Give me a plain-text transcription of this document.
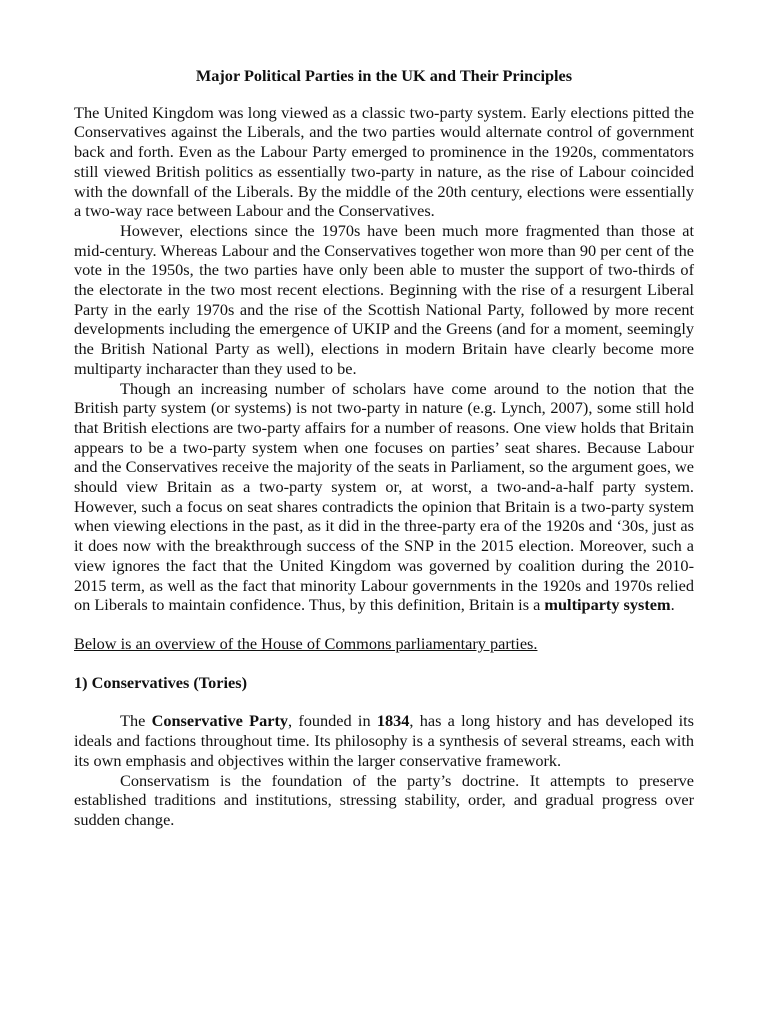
Major Political Parties in the UK and Their Principles

The United Kingdom was long viewed as a classic two-party system. Early elections pitted the Conservatives against the Liberals, and the two parties would alternate control of government back and forth. Even as the Labour Party emerged to prominence in the 1920s, commentators still viewed British politics as essentially two-party in nature, as the rise of Labour coincided with the downfall of the Liberals. By the middle of the 20th century, elections were essentially a two-way race between Labour and the Conservatives.

However, elections since the 1970s have been much more fragmented than those at mid-century. Whereas Labour and the Conservatives together won more than 90 per cent of the vote in the 1950s, the two parties have only been able to muster the support of two-thirds of the electorate in the two most recent elections. Beginning with the rise of a resurgent Liberal Party in the early 1970s and the rise of the Scottish National Party, followed by more recent developments including the emergence of UKIP and the Greens (and for a moment, seemingly the British National Party as well), elections in modern Britain have clearly become more multiparty incharacter than they used to be.

Though an increasing number of scholars have come around to the notion that the British party system (or systems) is not two-party in nature (e.g. Lynch, 2007), some still hold that British elections are two-party affairs for a number of reasons. One view holds that Britain appears to be a two-party system when one focuses on parties’ seat shares. Because Labour and the Conservatives receive the majority of the seats in Parliament, so the argument goes, we should view Britain as a two-party system or, at worst, a two-and-a-half party system. However, such a focus on seat shares contradicts the opinion that Britain is a two-party system when viewing elections in the past, as it did in the three-party era of the 1920s and ‘30s, just as it does now with the breakthrough success of the SNP in the 2015 election. Moreover, such a view ignores the fact that the United Kingdom was governed by coalition during the 2010-2015 term, as well as the fact that minority Labour governments in the 1920s and 1970s relied on Liberals to maintain confidence. Thus, by this definition, Britain is a multiparty system.

Below is an overview of the House of Commons parliamentary parties.

1) Conservatives (Tories)

The Conservative Party, founded in 1834, has a long history and has developed its ideals and factions throughout time. Its philosophy is a synthesis of several streams, each with its own emphasis and objectives within the larger conservative framework.

Conservatism is the foundation of the party’s doctrine. It attempts to preserve established traditions and institutions, stressing stability, order, and gradual progress over sudden change.
